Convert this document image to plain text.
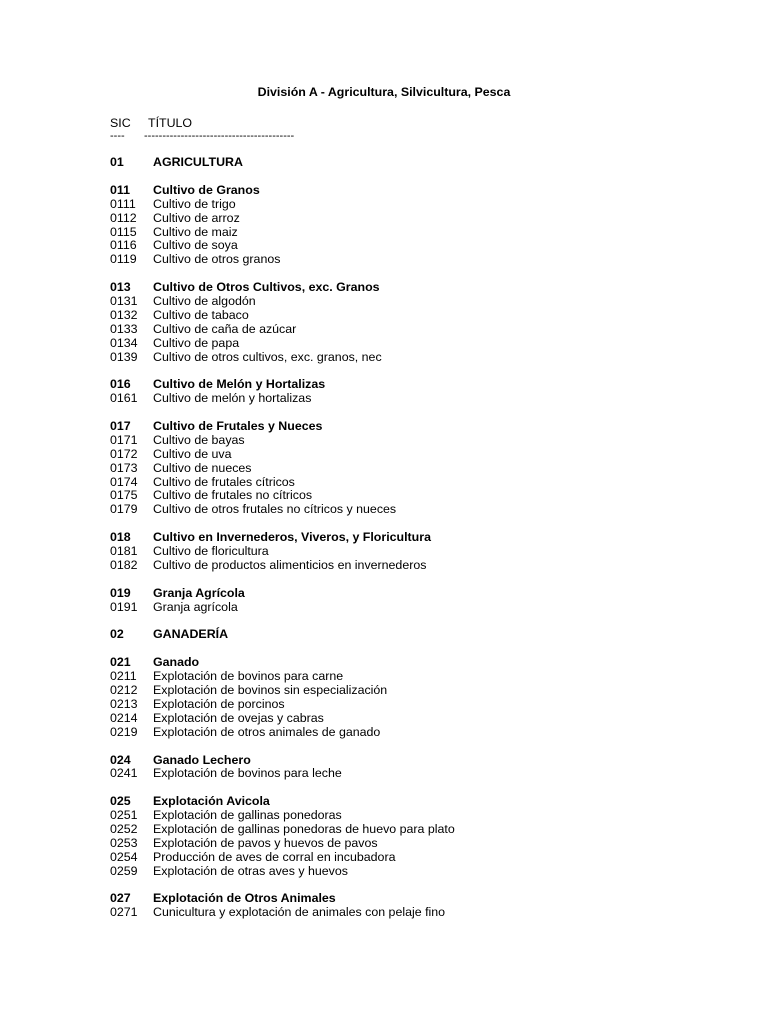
División A - Agricultura, Silvicultura, Pesca
SIC TÍTULO
---- -----------------------------------------
01 AGRICULTURA
011 Cultivo de Granos
0111 Cultivo de trigo
0112 Cultivo de arroz
0115 Cultivo de maiz
0116 Cultivo de soya
0119 Cultivo de otros granos
013 Cultivo de Otros Cultivos, exc. Granos
0131 Cultivo de algodón
0132 Cultivo de tabaco
0133 Cultivo de caña de azúcar
0134 Cultivo de papa
0139 Cultivo de otros cultivos, exc. granos, nec
016 Cultivo de Melón y Hortalizas
0161 Cultivo de melón y hortalizas
017 Cultivo de Frutales y Nueces
0171 Cultivo de bayas
0172 Cultivo de uva
0173 Cultivo de nueces
0174 Cultivo de frutales cítricos
0175 Cultivo de frutales no cítricos
0179 Cultivo de otros frutales no cítricos y nueces
018 Cultivo en Invernederos, Viveros, y Floricultura
0181 Cultivo de floricultura
0182 Cultivo de productos alimenticios en invernederos
019 Granja Agrícola
0191 Granja agrícola
02 GANADERÍA
021 Ganado
0211 Explotación de bovinos para carne
0212 Explotación de bovinos sin especialización
0213 Explotación de porcinos
0214 Explotación de ovejas y cabras
0219 Explotación de otros animales de ganado
024 Ganado Lechero
0241 Explotación de bovinos para leche
025 Explotación Avicola
0251 Explotación de gallinas ponedoras
0252 Explotación de gallinas ponedoras de huevo para plato
0253 Explotación de pavos y huevos de pavos
0254 Producción de aves de corral en incubadora
0259 Explotación de otras aves y huevos
027 Explotación de Otros Animales
0271 Cunicultura y explotación de animales con pelaje fino
